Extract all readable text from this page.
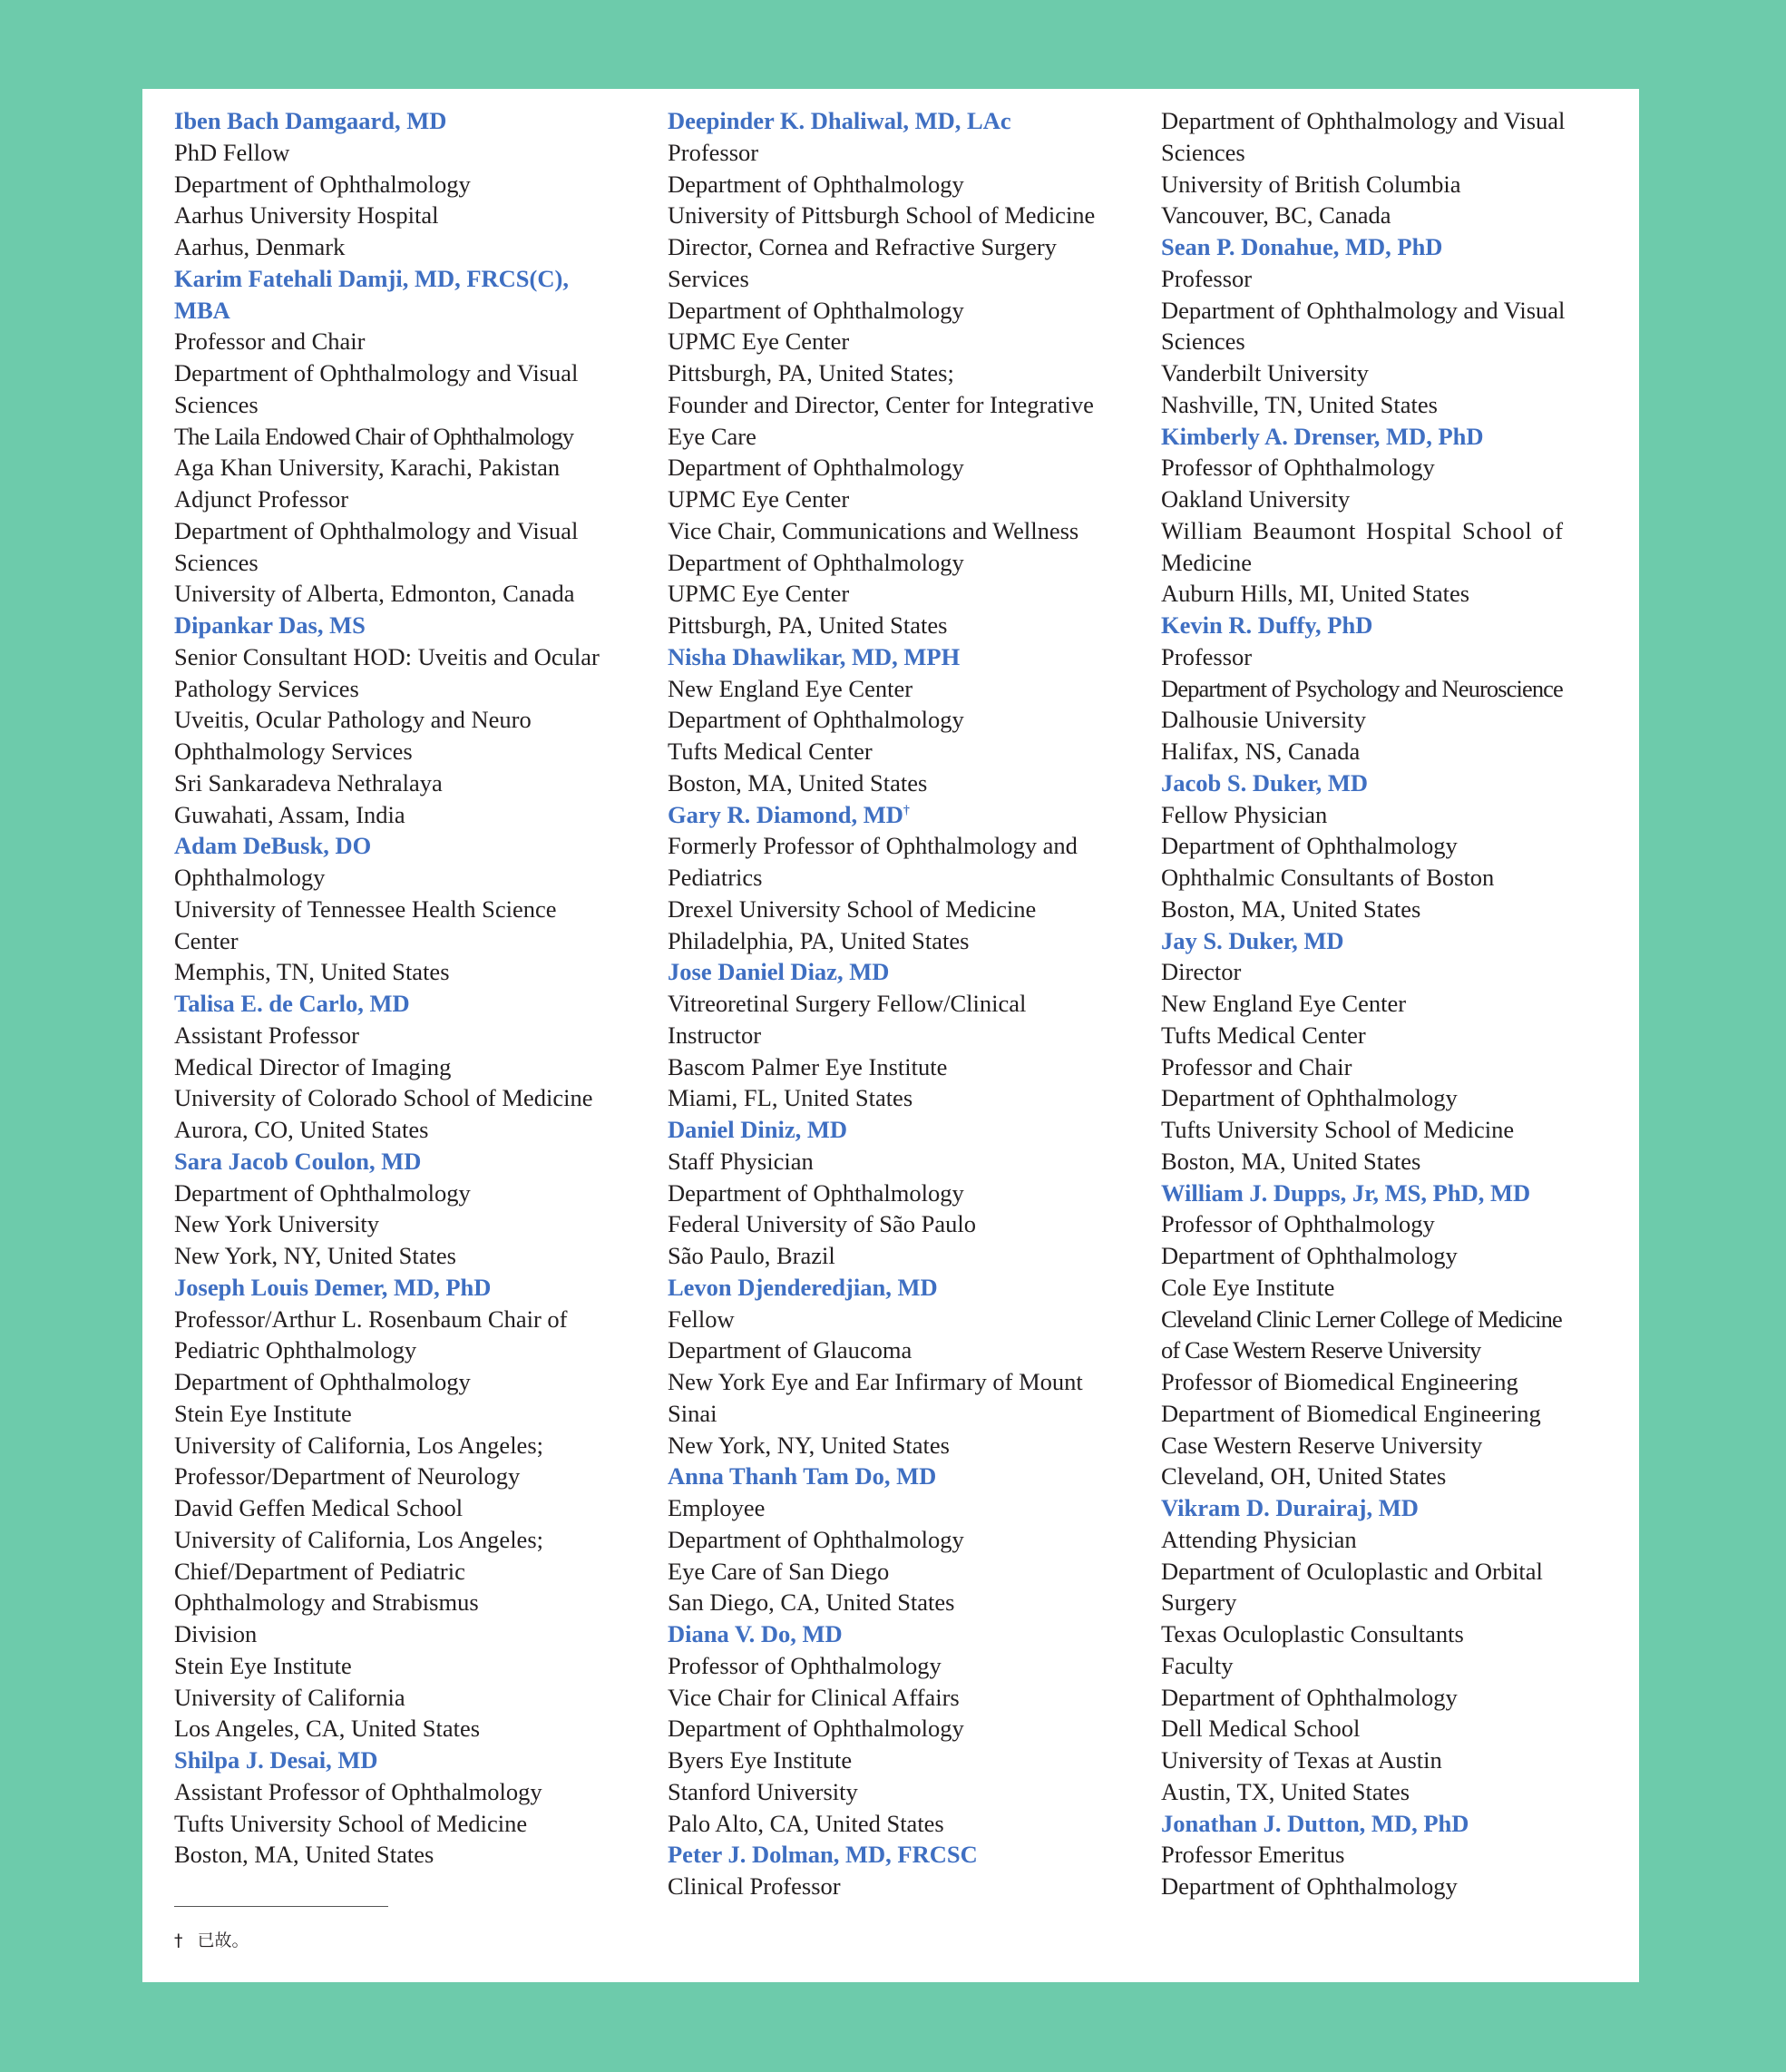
Iben Bach Damgaard, MD
PhD Fellow
Department of Ophthalmology
Aarhus University Hospital
Aarhus, Denmark
Karim Fatehali Damji, MD, FRCS(C),
MBA
Professor and Chair
Department of Ophthalmology and Visual
Sciences
The Laila Endowed Chair of Ophthalmology
Aga Khan University, Karachi, Pakistan
Adjunct Professor
Department of Ophthalmology and Visual
Sciences
University of Alberta, Edmonton, Canada
Dipankar Das, MS
Senior Consultant HOD: Uveitis and Ocular
Pathology Services
Uveitis, Ocular Pathology and Neuro
Ophthalmology Services
Sri Sankaradeva Nethralaya
Guwahati, Assam, India
Adam DeBusk, DO
Ophthalmology
University of Tennessee Health Science
Center
Memphis, TN, United States
Talisa E. de Carlo, MD
Assistant Professor
Medical Director of Imaging
University of Colorado School of Medicine
Aurora, CO, United States
Sara Jacob Coulon, MD
Department of Ophthalmology
New York University
New York, NY, United States
Joseph Louis Demer, MD, PhD
Professor/Arthur L. Rosenbaum Chair of
Pediatric Ophthalmology
Department of Ophthalmology
Stein Eye Institute
University of California, Los Angeles;
Professor/Department of Neurology
David Geffen Medical School
University of California, Los Angeles;
Chief/Department of Pediatric
Ophthalmology and Strabismus
Division
Stein Eye Institute
University of California
Los Angeles, CA, United States
Shilpa J. Desai, MD
Assistant Professor of Ophthalmology
Tufts University School of Medicine
Boston, MA, United States
Deepinder K. Dhaliwal, MD, LAc
Professor
Department of Ophthalmology
University of Pittsburgh School of Medicine
Director, Cornea and Refractive Surgery
Services
Department of Ophthalmology
UPMC Eye Center
Pittsburgh, PA, United States;
Founder and Director, Center for Integrative
Eye Care
Department of Ophthalmology
UPMC Eye Center
Vice Chair, Communications and Wellness
Department of Ophthalmology
UPMC Eye Center
Pittsburgh, PA, United States
Nisha Dhawlikar, MD, MPH
New England Eye Center
Department of Ophthalmology
Tufts Medical Center
Boston, MA, United States
Gary R. Diamond, MD†
Formerly Professor of Ophthalmology and
Pediatrics
Drexel University School of Medicine
Philadelphia, PA, United States
Jose Daniel Diaz, MD
Vitreoretinal Surgery Fellow/Clinical
Instructor
Bascom Palmer Eye Institute
Miami, FL, United States
Daniel Diniz, MD
Staff Physician
Department of Ophthalmology
Federal University of São Paulo
São Paulo, Brazil
Levon Djenderedjian, MD
Fellow
Department of Glaucoma
New York Eye and Ear Infirmary of Mount
Sinai
New York, NY, United States
Anna Thanh Tam Do, MD
Employee
Department of Ophthalmology
Eye Care of San Diego
San Diego, CA, United States
Diana V. Do, MD
Professor of Ophthalmology
Vice Chair for Clinical Affairs
Department of Ophthalmology
Byers Eye Institute
Stanford University
Palo Alto, CA, United States
Peter J. Dolman, MD, FRCSC
Clinical Professor
Department of Ophthalmology and Visual
Sciences
University of British Columbia
Vancouver, BC, Canada
Sean P. Donahue, MD, PhD
Professor
Department of Ophthalmology and Visual
Sciences
Vanderbilt University
Nashville, TN, United States
Kimberly A. Drenser, MD, PhD
Professor of Ophthalmology
Oakland University
William Beaumont Hospital School of
Medicine
Auburn Hills, MI, United States
Kevin R. Duffy, PhD
Professor
Department of Psychology and Neuroscience
Dalhousie University
Halifax, NS, Canada
Jacob S. Duker, MD
Fellow Physician
Department of Ophthalmology
Ophthalmic Consultants of Boston
Boston, MA, United States
Jay S. Duker, MD
Director
New England Eye Center
Tufts Medical Center
Professor and Chair
Department of Ophthalmology
Tufts University School of Medicine
Boston, MA, United States
William J. Dupps, Jr, MS, PhD, MD
Professor of Ophthalmology
Department of Ophthalmology
Cole Eye Institute
Cleveland Clinic Lerner College of Medicine
of Case Western Reserve University
Professor of Biomedical Engineering
Department of Biomedical Engineering
Case Western Reserve University
Cleveland, OH, United States
Vikram D. Durairaj, MD
Attending Physician
Department of Oculoplastic and Orbital
Surgery
Texas Oculoplastic Consultants
Faculty
Department of Ophthalmology
Dell Medical School
University of Texas at Austin
Austin, TX, United States
Jonathan J. Dutton, MD, PhD
Professor Emeritus
Department of Ophthalmology
† 已故。
